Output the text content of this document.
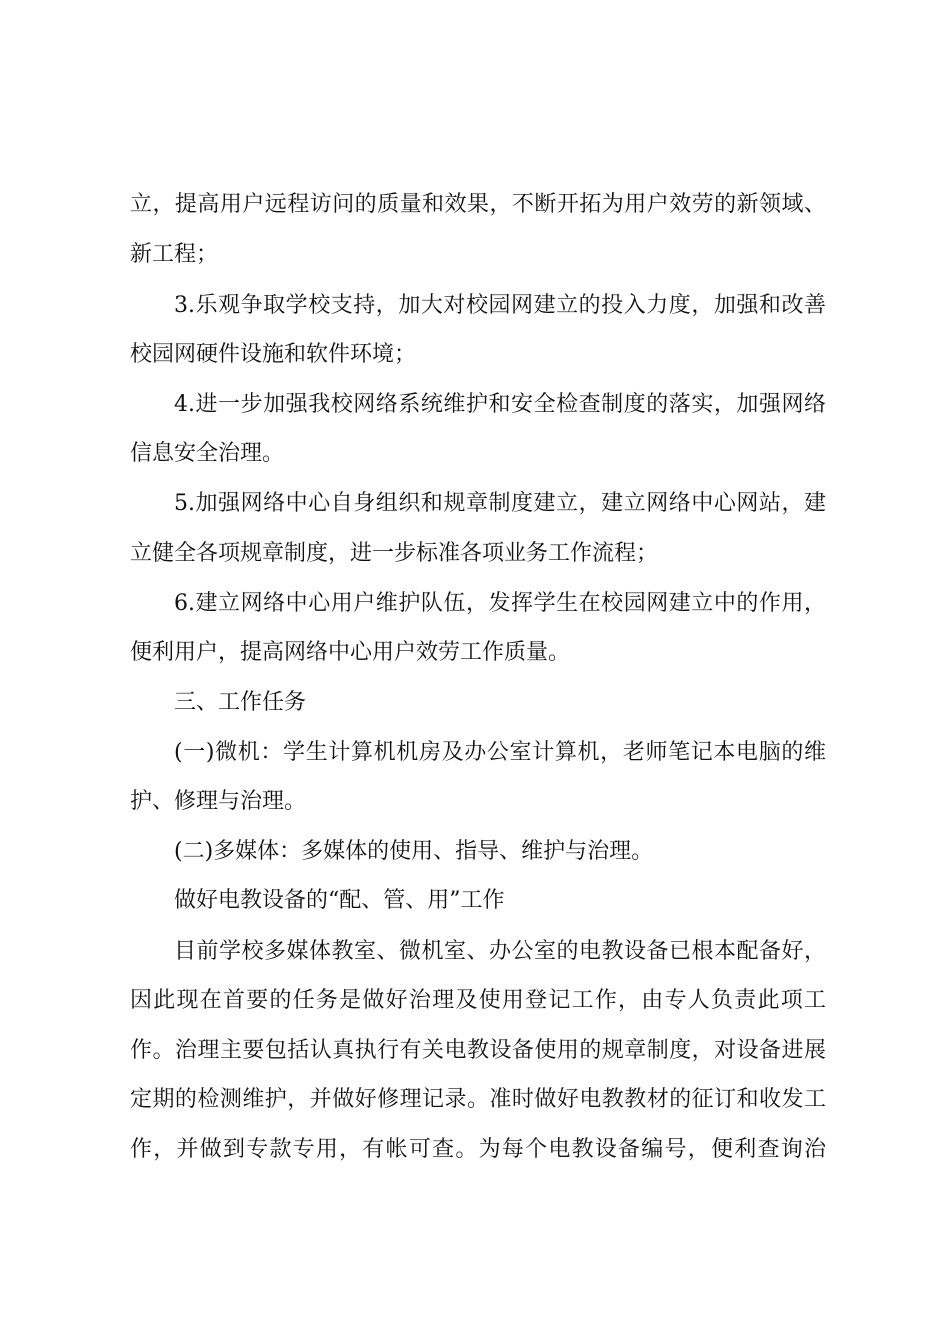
立，提高用户远程访问的质量和效果，不断开拓为用户效劳的新领域、
新工程；
3.乐观争取学校支持，加大对校园网建立的投入力度，加强和改善
校园网硬件设施和软件环境；
4.进一步加强我校网络系统维护和安全检查制度的落实，加强网络
信息安全治理。
5.加强网络中心自身组织和规章制度建立，建立网络中心网站，建
立健全各项规章制度，进一步标准各项业务工作流程；
6.建立网络中心用户维护队伍，发挥学生在校园网建立中的作用，
便利用户，提高网络中心用户效劳工作质量。
三、工作任务
(一)微机：学生计算机机房及办公室计算机，老师笔记本电脑的维
护、修理与治理。
(二)多媒体：多媒体的使用、指导、维护与治理。
做好电教设备的“配、管、用”工作
目前学校多媒体教室、微机室、办公室的电教设备已根本配备好，
因此现在首要的任务是做好治理及使用登记工作，由专人负责此项工
作。治理主要包括认真执行有关电教设备使用的规章制度，对设备进展
定期的检测维护，并做好修理记录。准时做好电教教材的征订和收发工
作，并做到专款专用，有帐可查。为每个电教设备编号，便利查询治
